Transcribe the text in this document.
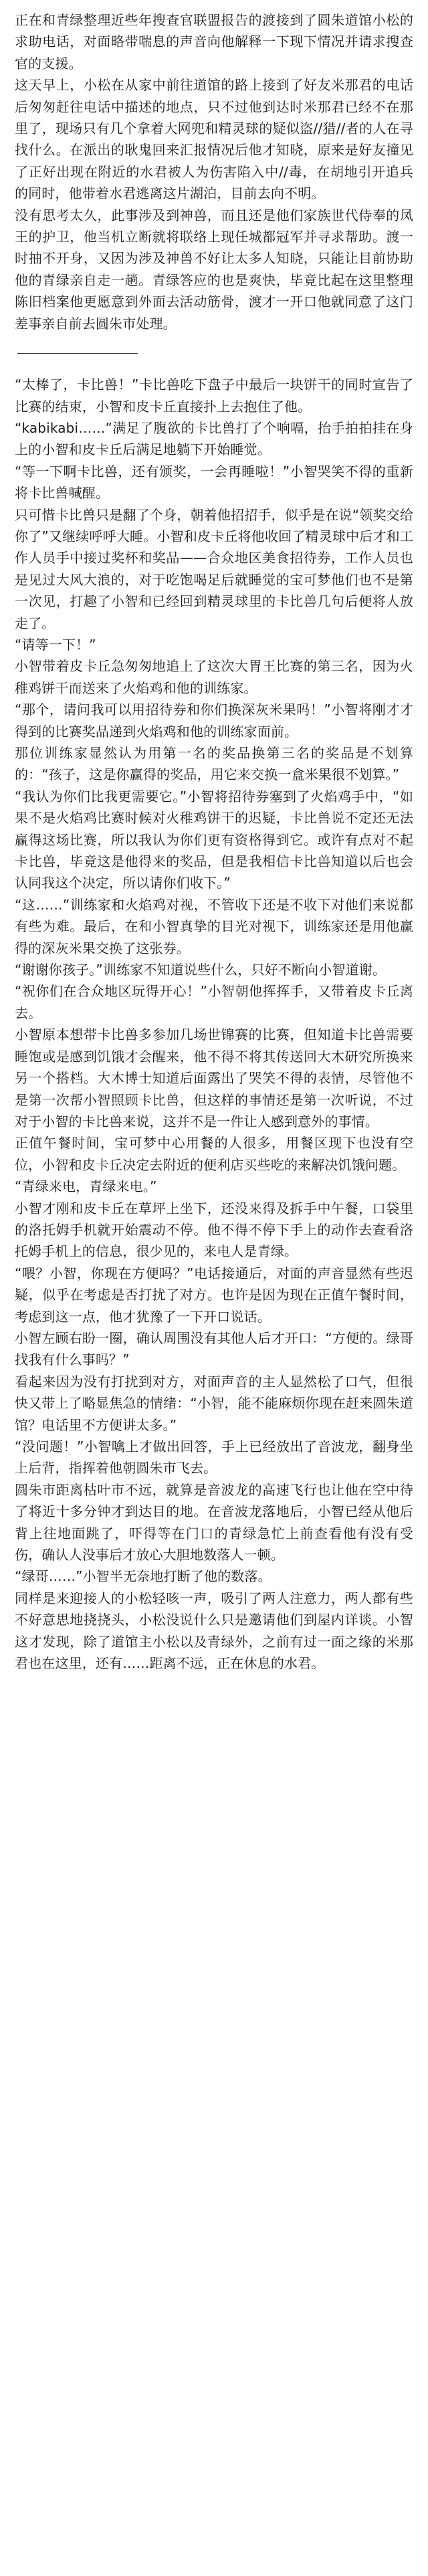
正在和青绿整理近些年搜查官联盟报告的渡接到了圆朱道馆小松的求助电话，对面略带喘息的声音向他解释一下现下情况并请求搜查官的支援。

这天早上，小松在从家中前往道馆的路上接到了好友米那君的电话后匆匆赶往电话中描述的地点，只不过他到达时米那君已经不在那里了，现场只有几个拿着大网兜和精灵球的疑似盗//猎//者的人在寻找什么。在派出的耿鬼回来汇报情况后他才知晓，原来是好友撞见了正好出现在附近的水君被人为伤害陷入中//毒，在胡地引开追兵的同时，他带着水君逃离这片湖泊，目前去向不明。

没有思考太久，此事涉及到神兽，而且还是他们家族世代侍奉的凤王的护卫，他当机立断就将联络上现任城都冠军并寻求帮助。渡一时抽不开身，又因为涉及神兽不好让太多人知晓，只能让目前协助他的青绿亲自走一趟。青绿答应的也是爽快，毕竟比起在这里整理陈旧档案他更愿意到外面去活动筋骨，渡才一开口他就同意了这门差事亲自前去圆朱市处理。

“太棒了，卡比兽！”卡比兽吃下盘子中最后一块饼干的同时宣告了比赛的结束，小智和皮卡丘直接扑上去抱住了他。

“kabikabi……”满足了腹欲的卡比兽打了个响嗝，抬手拍拍挂在身上的小智和皮卡丘后满足地躺下开始睡觉。

“等一下啊卡比兽，还有颁奖，一会再睡啦！”小智哭笑不得的重新将卡比兽喊醒。

只可惜卡比兽只是翻了个身，朝着他招招手，似乎是在说“领奖交给你了”又继续呼呼大睡。小智和皮卡丘将他收回了精灵球中后才和工作人员手中接过奖杯和奖品——合众地区美食招待券，工作人员也是见过大风大浪的，对于吃饱喝足后就睡觉的宝可梦他们也不是第一次见，打趣了小智和已经回到精灵球里的卡比兽几句后便将人放走了。

“请等一下！”

小智带着皮卡丘急匆匆地追上了这次大胃王比赛的第三名，因为火稚鸡饼干而送来了火焰鸡和他的训练家。

“那个，请问我可以用招待券和你们换深灰米果吗！”小智将刚才才得到的比赛奖品递到火焰鸡和他的训练家面前。

那位训练家显然认为用第一名的奖品换第三名的奖品是不划算的：“孩子，这是你赢得的奖品，用它来交换一盒米果很不划算。”

“我认为你们比我更需要它。”小智将招待券塞到了火焰鸡手中，“如果不是火焰鸡比赛时候对火稚鸡饼干的迟疑，卡比兽说不定还无法赢得这场比赛，所以我认为你们更有资格得到它。或许有点对不起卡比兽，毕竟这是他得来的奖品，但是我相信卡比兽知道以后也会认同我这个决定，所以请你们收下。”

“这……”训练家和火焰鸡对视，不管收下还是不收下对他们来说都有些为难。最后，在和小智真挚的目光对视下，训练家还是用他赢得的深灰米果交换了这张券。

“谢谢你孩子。”训练家不知道说些什么，只好不断向小智道谢。

“祝你们在合众地区玩得开心！”小智朝他挥挥手，又带着皮卡丘离去。

小智原本想带卡比兽多参加几场世锦赛的比赛，但知道卡比兽需要睡饱或是感到饥饿才会醒来，他不得不将其传送回大木研究所换来另一个搭档。大木博士知道后面露出了哭笑不得的表情，尽管他不是第一次帮小智照顾卡比兽，但这样的事情还是第一次听说，不过对于小智的卡比兽来说，这并不是一件让人感到意外的事情。

正值午餐时间，宝可梦中心用餐的人很多，用餐区现下也没有空位，小智和皮卡丘决定去附近的便利店买些吃的来解决饥饿问题。

“青绿来电，青绿来电。”

小智才刚和皮卡丘在草坪上坐下，还没来得及拆手中午餐，口袋里的洛托姆手机就开始震动不停。他不得不停下手上的动作去查看洛托姆手机上的信息，很少见的，来电人是青绿。

“喂？小智，你现在方便吗？”电话接通后，对面的声音显然有些迟疑，似乎在考虑是否打扰了对方。也许是因为现在正值午餐时间，考虑到这一点，他才犹豫了一下开口说话。

小智左顾右盼一圈，确认周围没有其他人后才开口：“方便的。绿哥找我有什么事吗？”

看起来因为没有打扰到对方，对面声音的主人显然松了口气，但很快又带上了略显焦急的情绪：“小智，能不能麻烦你现在赶来圆朱道馆？电话里不方便讲太多。”

“没问题！”小智噙上才做出回答，手上已经放出了音波龙，翻身坐上后背，指挥着他朝圆朱市飞去。

圆朱市距离枯叶市不远，就算是音波龙的高速飞行也让他在空中待了将近十多分钟才到达目的地。在音波龙落地后，小智已经从他后背上往地面跳了，吓得等在门口的青绿急忙上前查看他有没有受伤，确认人没事后才放心大胆地数落人一顿。

“绿哥……”小智半无奈地打断了他的数落。

同样是来迎接人的小松轻咳一声，吸引了两人注意力，两人都有些不好意思地挠挠头，小松没说什么只是邀请他们到屋内详谈。小智这才发现，除了道馆主小松以及青绿外，之前有过一面之缘的米那君也在这里，还有……距离不远，正在休息的水君。
